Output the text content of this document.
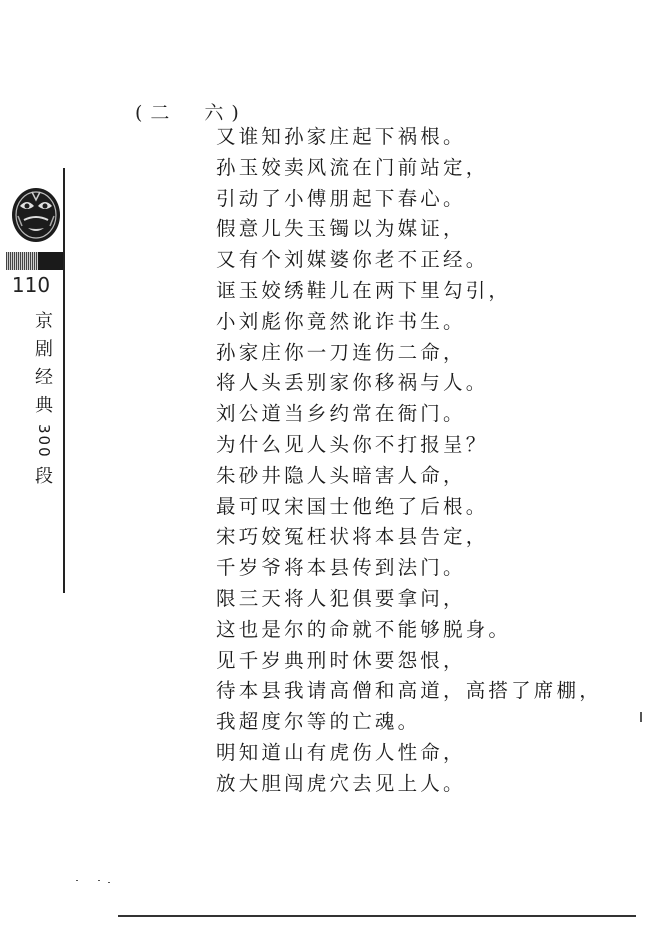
110
京
剧
经
典
300
段
(二　六)
又谁知孙家庄起下祸根。
孙玉姣卖风流在门前站定，
引动了小傅朋起下春心。
假意儿失玉镯以为媒证，
又有个刘媒婆你老不正经。
诓玉姣绣鞋儿在两下里勾引，
小刘彪你竟然讹诈书生。
孙家庄你一刀连伤二命，
将人头丢别家你移祸与人。
刘公道当乡约常在衙门。
为什么见人头你不打报呈？
朱砂井隐人头暗害人命，
最可叹宋国士他绝了后根。
宋巧姣冤枉状将本县告定，
千岁爷将本县传到法门。
限三天将人犯俱要拿问，
这也是尔的命就不能够脱身。
见千岁典刑时休要怨恨，
待本县我请高僧和高道，高搭了席棚，
我超度尔等的亡魂。
明知道山有虎伤人性命，
放大胆闯虎穴去见上人。
